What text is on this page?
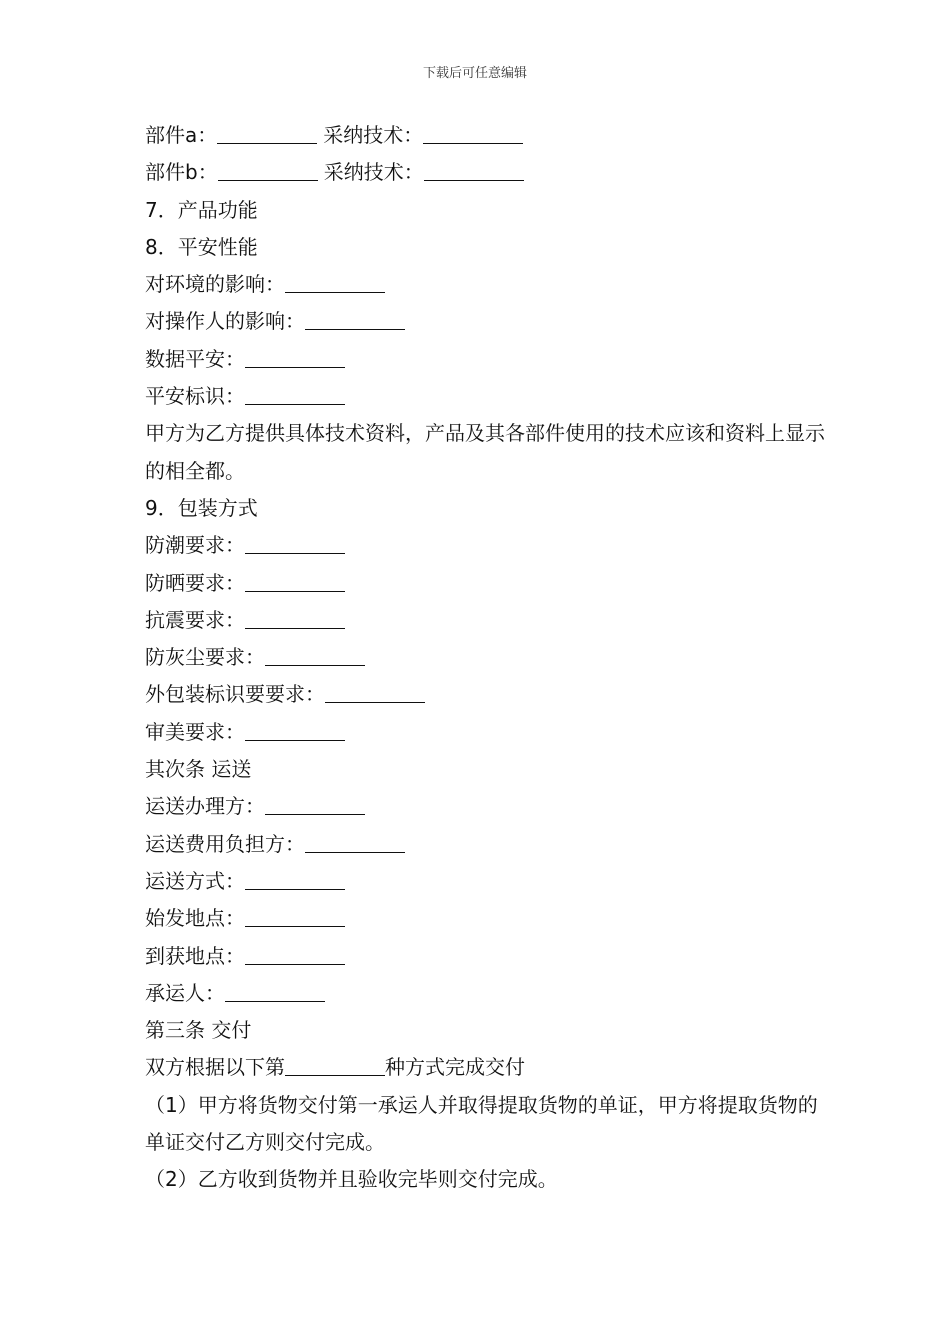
下载后可任意编辑
部件a：	采纳技术：
部件b：	采纳技术：
7．产品功能
8．平安性能
对环境的影响：
对操作人的影响：
数据平安：
平安标识：
甲方为乙方提供具体技术资料，产品及其各部件使用的技术应该和资料上显示的相全都。
9．包装方式
防潮要求：
防晒要求：
抗震要求：
防灰尘要求：
外包装标识要要求：
审美要求：
其次条 运送
运送办理方：
运送费用负担方：
运送方式：
始发地点：
到获地点：
承运人：
第三条 交付
双方根据以下第	种方式完成交付
（1）甲方将货物交付第一承运人并取得提取货物的单证，甲方将提取货物的单证交付乙方则交付完成。
（2）乙方收到货物并且验收完毕则交付完成。
